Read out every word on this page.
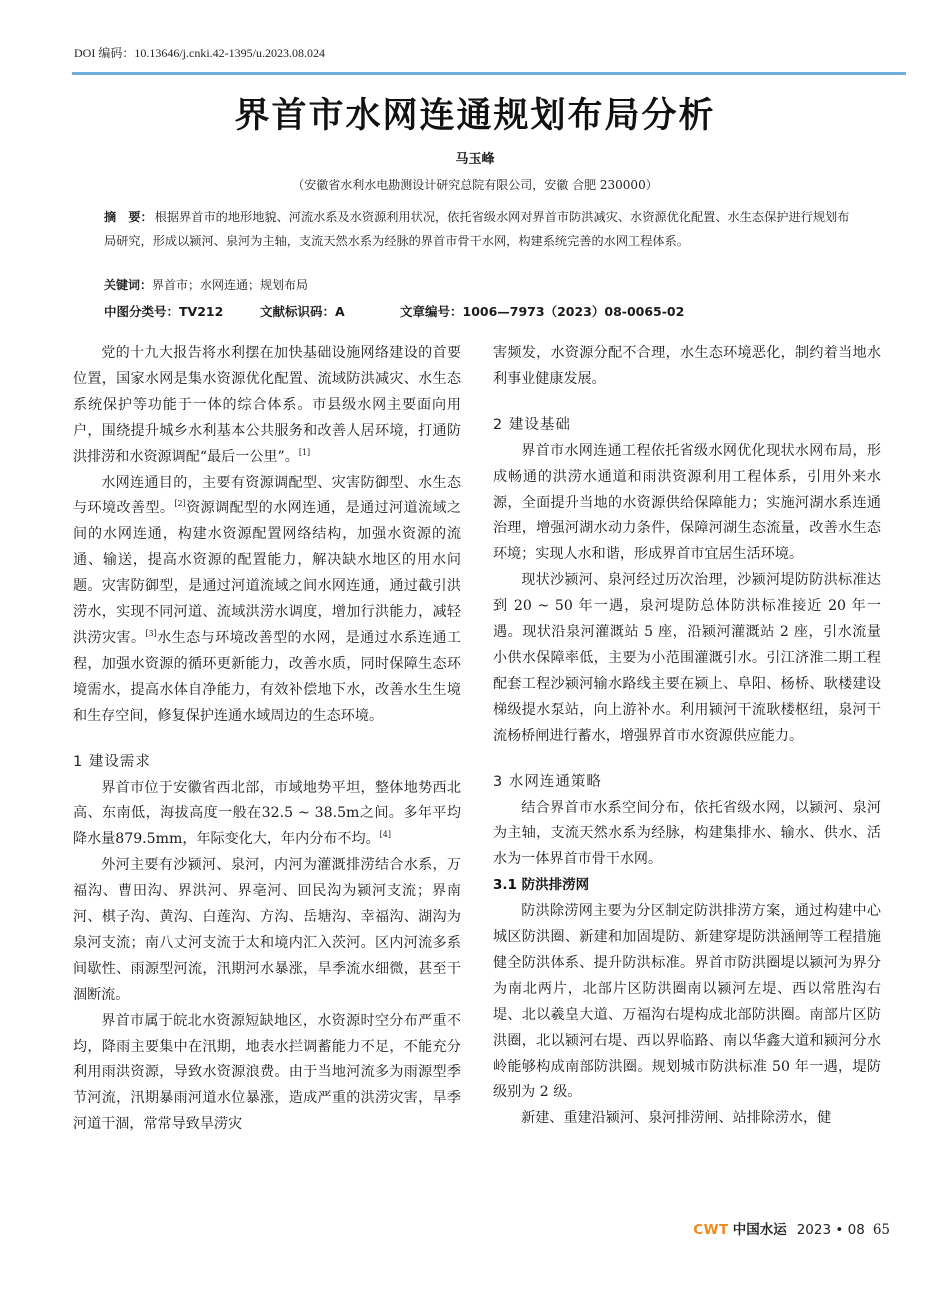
DOI 编码：10.13646/j.cnki.42-1395/u.2023.08.024
界首市水网连通规划布局分析
马玉峰
（安徽省水利水电勘测设计研究总院有限公司，安徽 合肥 230000）
摘　要： 根据界首市的地形地貌、河流水系及水资源利用状况，依托省级水网对界首市防洪减灾、水资源优化配置、水生态保护进行规划布局研究，形成以颍河、泉河为主轴，支流天然水系为经脉的界首市骨干水网，构建系统完善的水网工程体系。
关键词：界首市；水网连通；规划布局
中图分类号：TV212	文献标识码：A	文章编号：1006—7973（2023）08-0065-02

党的十九大报告将水利摆在加快基础设施网络建设的首要位置，国家水网是集水资源优化配置、流域防洪减灾、水生态系统保护等功能于一体的综合体系。市县级水网主要面向用户，围绕提升城乡水利基本公共服务和改善人居环境，打通防洪排涝和水资源调配“最后一公里”。[1]

水网连通目的，主要有资源调配型、灾害防御型、水生态与环境改善型。[2]资源调配型的水网连通，是通过河道流域之间的水网连通，构建水资源配置网络结构，加强水资源的流通、输送，提高水资源的配置能力，解决缺水地区的用水问题。灾害防御型，是通过河道流域之间水网连通，通过截引洪涝水，实现不同河道、流域洪涝水调度，增加行洪能力，减轻洪涝灾害。[3]水生态与环境改善型的水网，是通过水系连通工程，加强水资源的循环更新能力，改善水质，同时保障生态环境需水，提高水体自净能力，有效补偿地下水，改善水生生境和生存空间，修复保护连通水域周边的生态环境。

1 建设需求

界首市位于安徽省西北部，市域地势平坦，整体地势西北高、东南低，海拔高度一般在32.5 ~ 38.5m之间。多年平均降水量879.5mm，年际变化大，年内分布不均。[4]

外河主要有沙颍河、泉河，内河为灌溉排涝结合水系，万福沟、曹田沟、界洪河、界亳河、回民沟为颍河支流；界南河、棋子沟、黄沟、白莲沟、方沟、岳塘沟、幸福沟、湖沟为泉河支流；南八丈河支流于太和境内汇入茨河。区内河流多系间歇性、雨源型河流，汛期河水暴涨，旱季流水细微，甚至干涸断流。

界首市属于皖北水资源短缺地区，水资源时空分布严重不均，降雨主要集中在汛期，地表水拦调蓄能力不足，不能充分利用雨洪资源，导致水资源浪费。由于当地河流多为雨源型季节河流，汛期暴雨河道水位暴涨，造成严重的洪涝灾害，旱季河道干涸，常常导致旱涝灾

害频发，水资源分配不合理，水生态环境恶化，制约着当地水利事业健康发展。

2 建设基础

界首市水网连通工程依托省级水网优化现状水网布局，形成畅通的洪涝水通道和雨洪资源利用工程体系，引用外来水源，全面提升当地的水资源供给保障能力；实施河湖水系连通治理，增强河湖水动力条件，保障河湖生态流量，改善水生态环境；实现人水和谐，形成界首市宜居生活环境。

现状沙颍河、泉河经过历次治理，沙颍河堤防防洪标准达到 20 ~ 50 年一遇，泉河堤防总体防洪标准接近 20 年一遇。现状沿泉河灌溉站 5 座，沿颍河灌溉站 2 座，引水流量小供水保障率低，主要为小范围灌溉引水。引江济淮二期工程配套工程沙颍河输水路线主要在颍上、阜阳、杨桥、耿楼建设梯级提水泵站，向上游补水。利用颍河干流耿楼枢纽，泉河干流杨桥闸进行蓄水，增强界首市水资源供应能力。

3 水网连通策略

结合界首市水系空间分布，依托省级水网，以颍河、泉河为主轴，支流天然水系为经脉，构建集排水、输水、供水、活水为一体界首市骨干水网。

3.1 防洪排涝网

防洪除涝网主要为分区制定防洪排涝方案，通过构建中心城区防洪圈、新建和加固堤防、新建穿堤防洪涵闸等工程措施健全防洪体系、提升防洪标准。界首市防洪圈堤以颍河为界分为南北两片，北部片区防洪圈南以颍河左堤、西以常胜沟右堤、北以羲皇大道、万福沟右堤构成北部防洪圈。南部片区防洪圈，北以颍河右堤、西以界临路、南以华鑫大道和颍河分水岭能够构成南部防洪圈。规划城市防洪标准 50 年一遇，堤防级别为 2 级。

新建、重建沿颍河、泉河排涝闸、站排除涝水，健

CWT 中国水运 2023 • 08 65
